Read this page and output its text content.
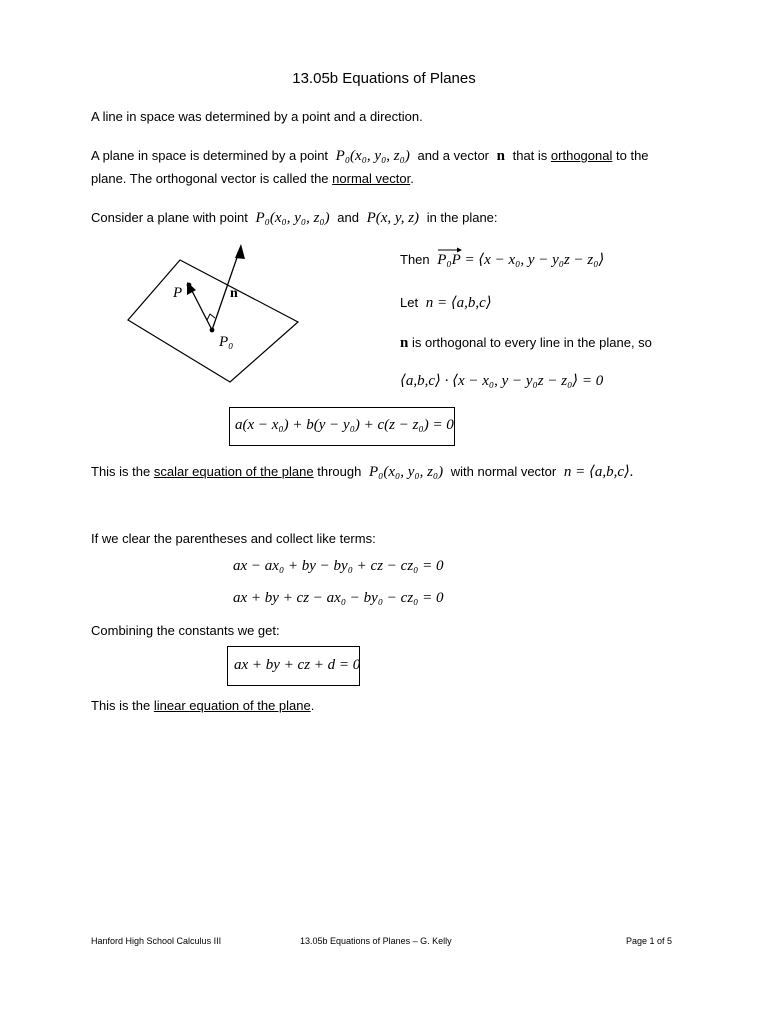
13.05b Equations of Planes
A line in space was determined by a point and a direction.
A plane in space is determined by a point P₀(x₀, y₀, z₀) and a vector n that is orthogonal to the
plane. The orthogonal vector is called the normal vector.
Consider a plane with point P₀(x₀, y₀, z₀) and P(x, y, z) in the plane:
P	n
P₀
Then P₀P = ⟨x − x₀, y − y₀z − z₀⟩
Let n = ⟨a,b,c⟩
n is orthogonal to every line in the plane, so
⟨a,b,c⟩ · ⟨x − x₀, y − y₀z − z₀⟩ = 0
a(x − x₀) + b(y − y₀) + c(z − z₀) = 0
This is the scalar equation of the plane through P₀(x₀, y₀, z₀) with normal vector n = ⟨a,b,c⟩.
If we clear the parentheses and collect like terms:
ax − ax₀ + by − by₀ + cz − cz₀ = 0
ax + by + cz − ax₀ − by₀ − cz₀ = 0
Combining the constants we get:
ax + by + cz + d = 0
This is the linear equation of the plane.
Hanford High School Calculus III	13.05b Equations of Planes – G. Kelly	Page 1 of 5
